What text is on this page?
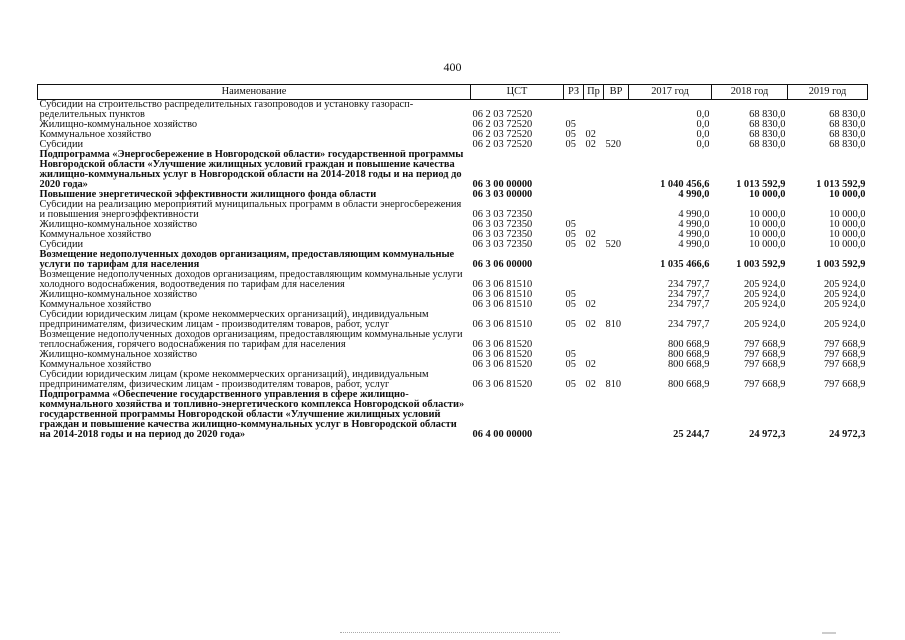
400
Наименование	ЦСТ	РЗ	Пр	ВР	2017 год	2018 год	2019 год
Субсидии на строительство распределительных газопроводов и установку газораспределительных пунктов	06 2 03 72520				0,0	68 830,0	68 830,0
Жилищно-коммунальное хозяйство	06 2 03 72520	05			0,0	68 830,0	68 830,0
Коммунальное хозяйство	06 2 03 72520	05	02		0,0	68 830,0	68 830,0
Субсидии	06 2 03 72520	05	02	520	0,0	68 830,0	68 830,0
Подпрограмма «Энергосбережение в Новгородской области» государственной программы Новгородской области «Улучшение жилищных условий граждан и повышение качества жилищно-коммунальных услуг в Новгородской области на 2014-2018 годы и на период до 2020 года»	06 3 00 00000				1 040 456,6	1 013 592,9	1 013 592,9
Повышение энергетической эффективности жилищного фонда области	06 3 03 00000				4 990,0	10 000,0	10 000,0
Субсидии на реализацию мероприятий муниципальных программ в области энергосбережения и повышения энергоэффективности	06 3 03 72350				4 990,0	10 000,0	10 000,0
Жилищно-коммунальное хозяйство	06 3 03 72350	05			4 990,0	10 000,0	10 000,0
Коммунальное хозяйство	06 3 03 72350	05	02		4 990,0	10 000,0	10 000,0
Субсидии	06 3 03 72350	05	02	520	4 990,0	10 000,0	10 000,0
Возмещение недополученных доходов организациям, предоставляющим коммунальные услуги по тарифам для населения	06 3 06 00000				1 035 466,6	1 003 592,9	1 003 592,9
Возмещение недополученных доходов организациям, предоставляющим коммунальные услуги холодного водоснабжения, водоотведения по тарифам для населения	06 3 06 81510				234 797,7	205 924,0	205 924,0
Жилищно-коммунальное хозяйство	06 3 06 81510	05			234 797,7	205 924,0	205 924,0
Коммунальное хозяйство	06 3 06 81510	05	02		234 797,7	205 924,0	205 924,0
Субсидии юридическим лицам (кроме некоммерческих организаций), индивидуальным предпринимателям, физическим лицам - производителям товаров, работ, услуг	06 3 06 81510	05	02	810	234 797,7	205 924,0	205 924,0
Возмещение недополученных доходов организациям, предоставляющим коммунальные услуги теплоснабжения, горячего водоснабжения по тарифам для населения	06 3 06 81520				800 668,9	797 668,9	797 668,9
Жилищно-коммунальное хозяйство	06 3 06 81520	05			800 668,9	797 668,9	797 668,9
Коммунальное хозяйство	06 3 06 81520	05	02		800 668,9	797 668,9	797 668,9
Субсидии юридическим лицам (кроме некоммерческих организаций), индивидуальным предпринимателям, физическим лицам - производителям товаров, работ, услуг	06 3 06 81520	05	02	810	800 668,9	797 668,9	797 668,9
Подпрограмма «Обеспечение государственного управления в сфере жилищно-коммунального хозяйства и топливно-энергетического комплекса Новгородской области» государственной программы Новгородской области «Улучшение жилищных условий граждан и повышение качества жилищно-коммунальных услуг в Новгородской области на 2014-2018 годы и на период до 2020 года»	06 4 00 00000				25 244,7	24 972,3	24 972,3
